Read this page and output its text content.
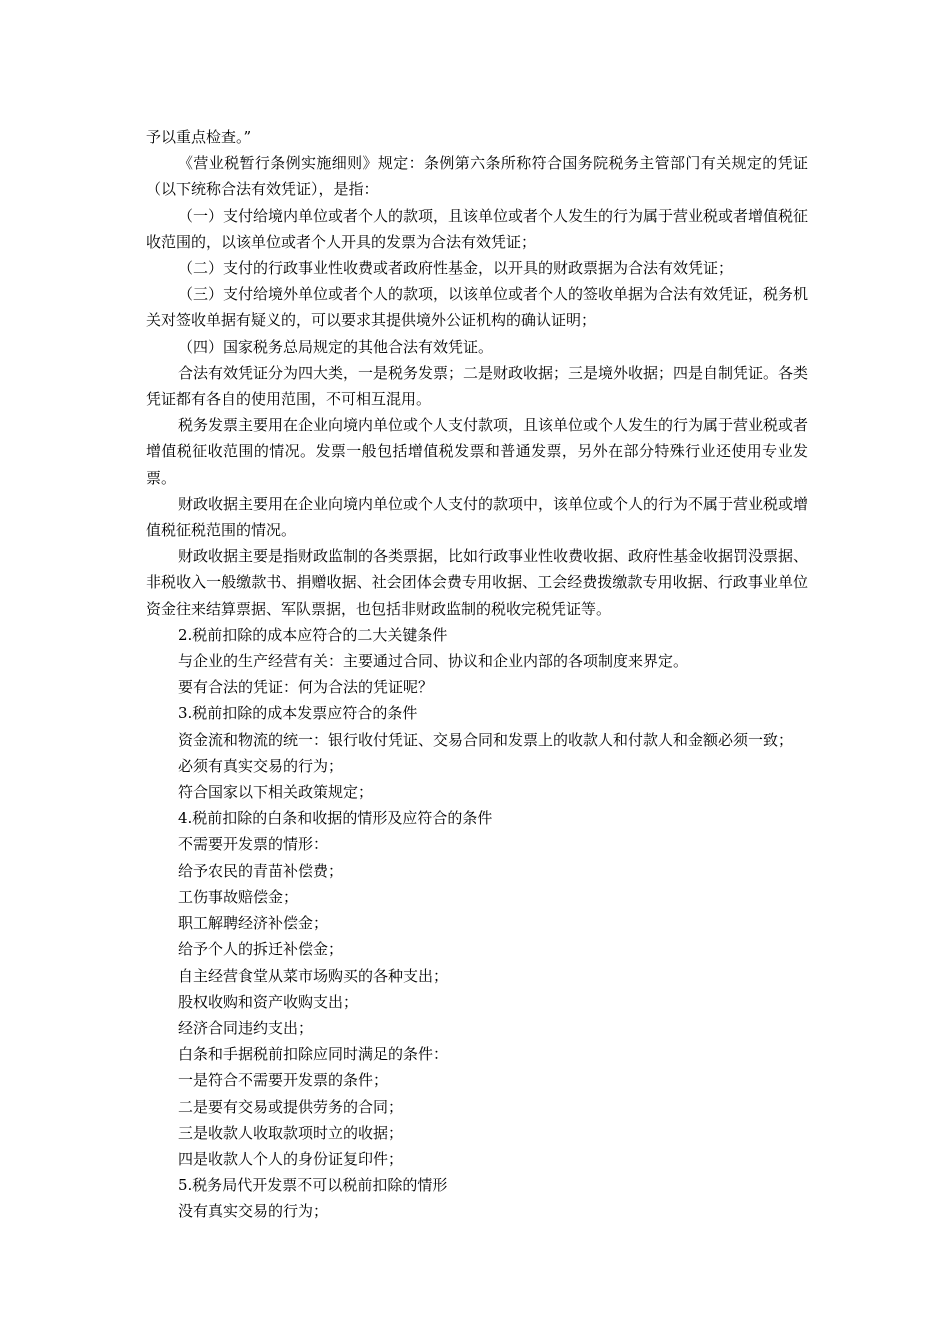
予以重点检查。”

《营业税暂行条例实施细则》规定：条例第六条所称符合国务院税务主管部门有关规定的凭证（以下统称合法有效凭证），是指：

（一）支付给境内单位或者个人的款项，且该单位或者个人发生的行为属于营业税或者增值税征收范围的，以该单位或者个人开具的发票为合法有效凭证；

（二）支付的行政事业性收费或者政府性基金，以开具的财政票据为合法有效凭证；

（三）支付给境外单位或者个人的款项，以该单位或者个人的签收单据为合法有效凭证，税务机关对签收单据有疑义的，可以要求其提供境外公证机构的确认证明；

（四）国家税务总局规定的其他合法有效凭证。

合法有效凭证分为四大类，一是税务发票；二是财政收据；三是境外收据；四是自制凭证。各类凭证都有各自的使用范围，不可相互混用。

税务发票主要用在企业向境内单位或个人支付款项，且该单位或个人发生的行为属于营业税或者增值税征收范围的情况。发票一般包括增值税发票和普通发票，另外在部分特殊行业还使用专业发票。

财政收据主要用在企业向境内单位或个人支付的款项中，该单位或个人的行为不属于营业税或增值税征税范围的情况。

财政收据主要是指财政监制的各类票据，比如行政事业性收费收据、政府性基金收据罚没票据、非税收入一般缴款书、捐赠收据、社会团体会费专用收据、工会经费拨缴款专用收据、行政事业单位资金往来结算票据、军队票据，也包括非财政监制的税收完税凭证等。

2.税前扣除的成本应符合的二大关键条件

与企业的生产经营有关：主要通过合同、协议和企业内部的各项制度来界定。

要有合法的凭证：何为合法的凭证呢？

3.税前扣除的成本发票应符合的条件

资金流和物流的统一：银行收付凭证、交易合同和发票上的收款人和付款人和金额必须一致；

必须有真实交易的行为；

符合国家以下相关政策规定；

4.税前扣除的白条和收据的情形及应符合的条件

不需要开发票的情形：

给予农民的青苗补偿费；

工伤事故赔偿金；

职工解聘经济补偿金；

给予个人的拆迁补偿金；

自主经营食堂从菜市场购买的各种支出；

股权收购和资产收购支出；

经济合同违约支出；

白条和手据税前扣除应同时满足的条件：

一是符合不需要开发票的条件；

二是要有交易或提供劳务的合同；

三是收款人收取款项时立的收据；

四是收款人个人的身份证复印件；

5.税务局代开发票不可以税前扣除的情形

没有真实交易的行为；
